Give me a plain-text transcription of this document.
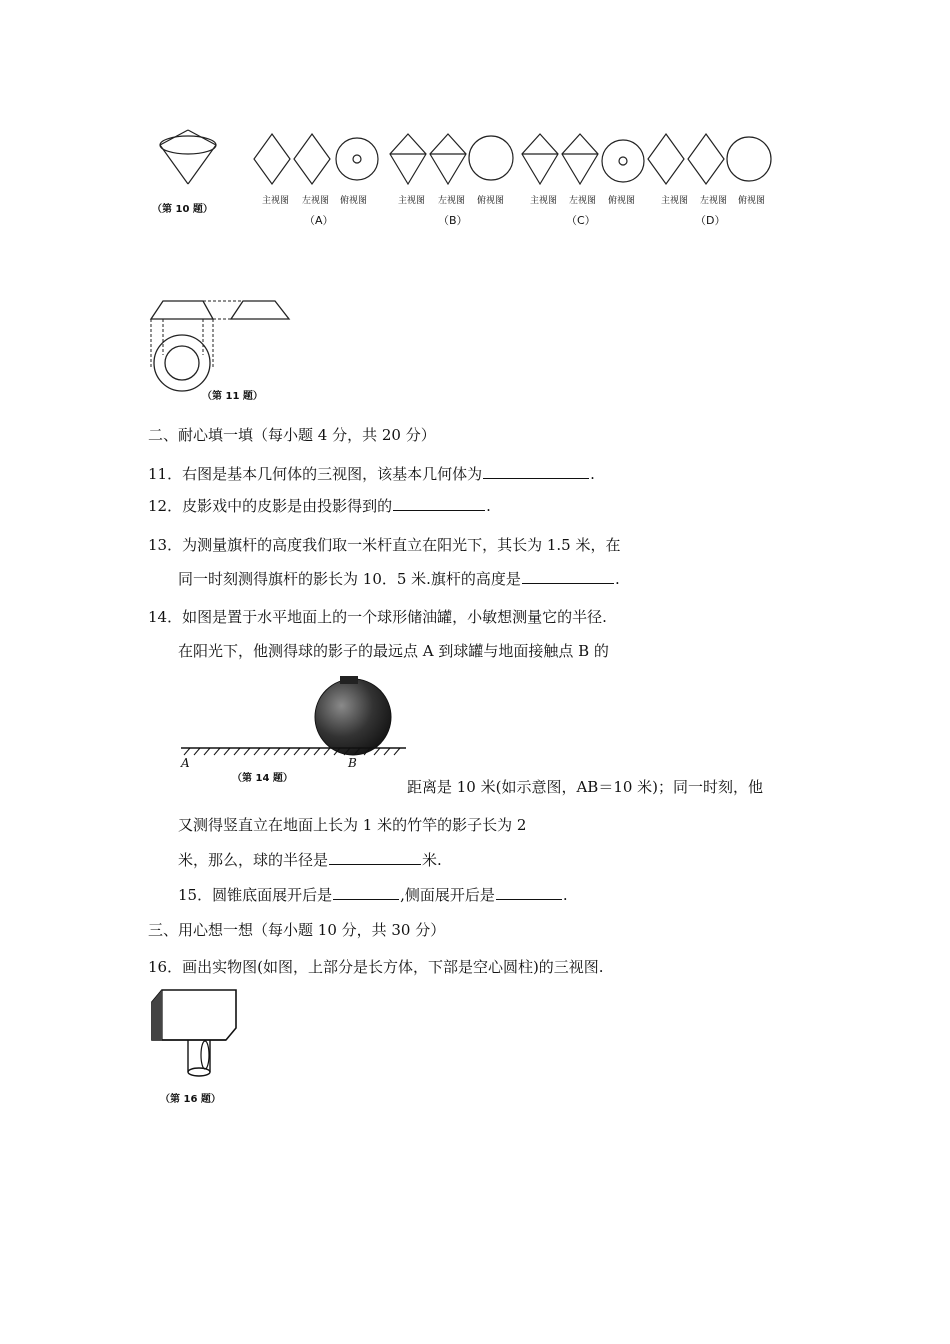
（第 10 题）
主视图 左视图 俯视图
（A）
主视图 左视图 俯视图
（B）
主视图 左视图 俯视图
（C）
主视图 左视图 俯视图
（D）
（第 11 题）
二、耐心填一填（每小题 4 分，共 20 分）
11．右图是基本几何体的三视图，该基本几何体为	.
12．皮影戏中的皮影是由投影得到的	.
13．为测量旗杆的高度我们取一米杆直立在阳光下，其长为 1.5 米，在
同一时刻测得旗杆的影长为 10．5 米.旗杆的高度是	.
14．如图是置于水平地面上的一个球形储油罐，小敏想测量它的半径.
在阳光下，他测得球的影子的最远点 A 到球罐与地面接触点 B 的
A	B
（第 14 题）	距离是 10 米(如示意图，AB＝10 米)；同一时刻，他
又测得竖直立在地面上长为 1 米的竹竿的影子长为 2
米，那么，球的半径是	米.
15．圆锥底面展开后是	,侧面展开后是	.
三、用心想一想（每小题 10 分，共 30 分）
16．画出实物图(如图，上部分是长方体，下部是空心圆柱)的三视图.
（第 16 题）
